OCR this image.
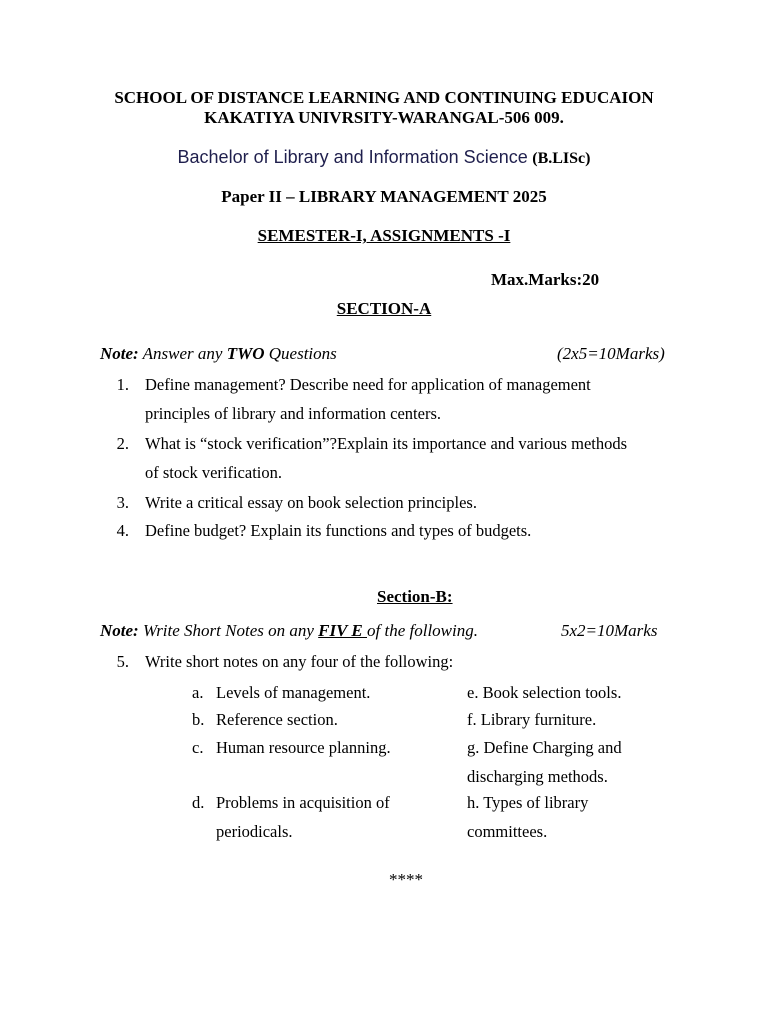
SCHOOL OF DISTANCE LEARNING AND CONTINUING EDUCAION
KAKATIYA UNIVRSITY-WARANGAL-506 009.
Bachelor of Library and Information Science (B.LISc)
Paper II – LIBRARY MANAGEMENT 2025
SEMESTER-I, ASSIGNMENTS -I
Max.Marks:20
SECTION-A
Note: Answer any TWO Questions	(2x5=10Marks)
1. Define management? Describe need for application of management
principles of library and information centers.
2. What is “stock verification”?Explain its importance and various methods
of stock verification.
3. Write a critical essay on book selection principles.
4. Define budget? Explain its functions and types of budgets.
Section-B:
Note: Write Short Notes on any FIV E of the following.	5x2=10Marks
5. Write short notes on any four of the following:
a. Levels of management.
b. Reference section.
c. Human resource planning.
d. Problems in acquisition of
periodicals.
e. Book selection tools.
f. Library furniture.
g. Define Charging and
discharging methods.
h. Types of library
committees.
****
